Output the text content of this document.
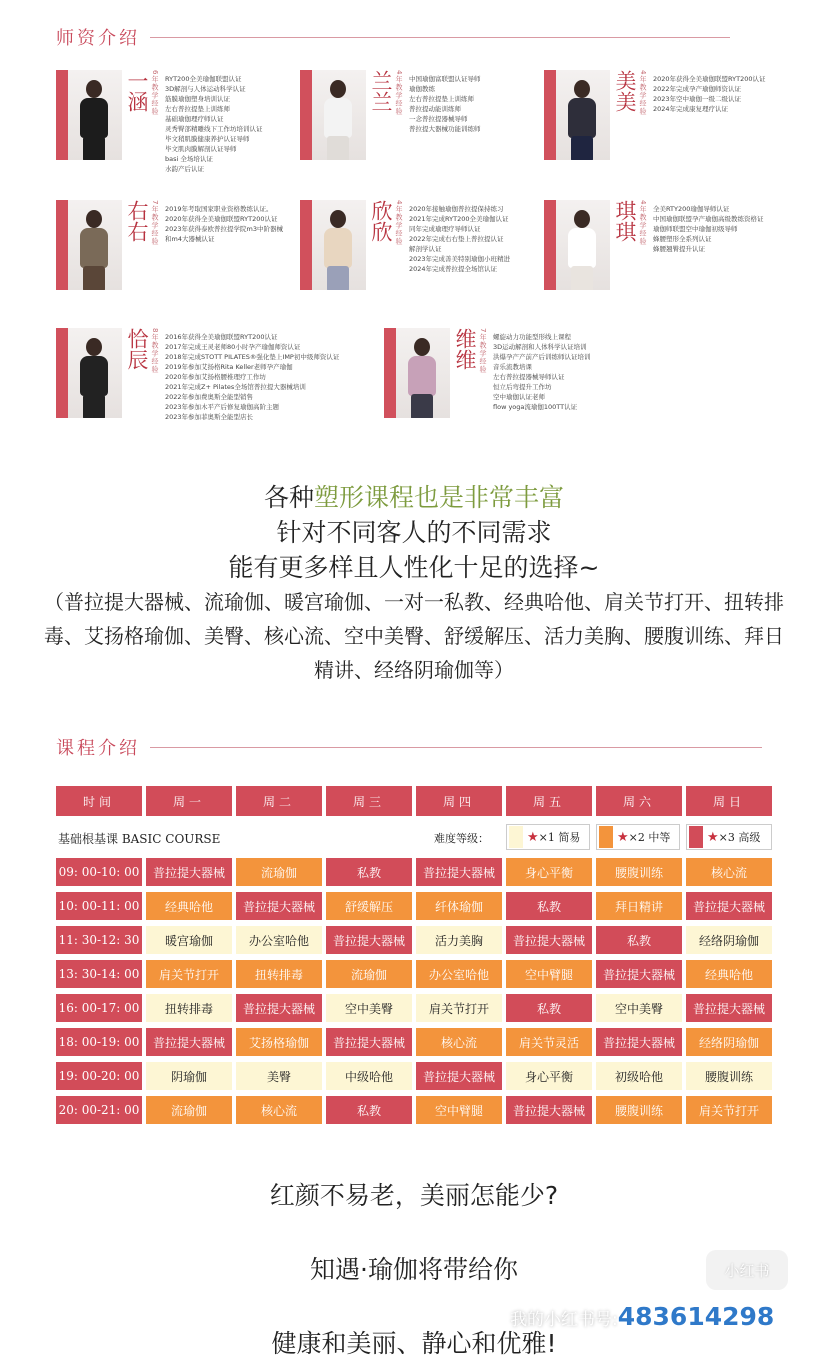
师资介绍
一涵 6年教学经验 RYT200全美瑜伽联盟认证
3D解剖与人体运动科学认证
筋膜瑜伽塑身培训认证
左右普拉提垫上训练师
基础瑜伽理疗师认证
灵秀臀部精雕线下工作坊培训认证
毕文稍肌膜健康养护认证导师
毕文肌肉膜解剖认证导师
basi 全场培认证
水韵产后认证
兰兰 4年教学经验 中国瑜伽富联盟认证导师
瑜伽教练
左右普拉提垫上训练师
普拉提动能训练师
一念普拉提器械导师
普拉提大器械功能训练师
美美 4年教学经验 2020年获得全美瑜伽联盟RYT200认证
2022年完成孕产瑜伽师资认证
2023年空中瑜伽一级二级认证
2024年完成康复理疗认证
右右 7年教学经验 2019年考取国家职业资格教练认证。
2020年获得全美瑜伽联盟RYT200认证
2023年获得泰欧普拉提学院m3中阶器械
和m4大器械认证	欣欣 4年教学经验 2020年接触瑜伽普拉提保持练习
2021年完成RYT200全美瑜伽认证
同年完成瑜理疗导师认证
2022年完成右右垫上普拉提认证
解剖学认证
2023年完成善美特别瑜伽小班精进
2024年完成普拉提全场馆认证
琪琪 4年教学经验 全美RTY200瑜伽导师认证
中国瑜伽联盟孕产瑜伽高级教练资格证
瑜伽师联盟空中瑜伽初级导师
蜂腰塑形全系列认证
蜂腰翘臀提升认证
恰辰 8年教学经验 2016年获得全美瑜伽联盟RYT200认证
2017年完成王灵老师80小时孕产瑜伽师资认证
2018年完成STOTT PILATES®强化垫上IMP初中级师资认证
2019年参加艾扬格Rita Keller老师孕产瑜伽
2020年参加艾扬格腰椎理疗工作坊
2021年完成Z+ Pilates全场馆普拉提大器械培训
2022年参加费奥斯全能型销售
2023年参加木平产后修复瑜伽高阶主题
2023年参加菲奥斯全能型店长
维维 7年教学经验 螺旋动力功能型形线上课程
3D运动解剖和人体科学认证培训
洪爆孕产产前产后训练师认证培训
音乐流教培课
左右普拉提器械导师认证
恒立后弯提升工作坊
空中瑜伽认证老师
flow yoga流瑜伽100TT认证
各种塑形课程也是非常丰富
针对不同客人的不同需求
能有更多样且人性化十足的选择~
（普拉提大器械、流瑜伽、暖宫瑜伽、一对一私教、经典哈他、肩关节打开、扭转排毒、艾扬格瑜伽、美臀、核心流、空中美臀、舒缓解压、活力美胸、腰腹训练、拜日精讲、经络阴瑜伽等）
课程介绍
时间	周一	周二	周三	周四	周五	周六	周日
09: 00-10: 00	普拉提大器械	流瑜伽	私教	普拉提大器械	身心平衡	腰腹训练	核心流
10: 00-11: 00	经典哈他	普拉提大器械	舒缓解压	纤体瑜伽	私教	拜日精讲	普拉提大器械
11: 30-12: 30	暖宫瑜伽	办公室哈他	普拉提大器械	活力美胸	普拉提大器械	私教	经络阴瑜伽
13: 30-14: 00	肩关节打开	扭转排毒	流瑜伽	办公室哈他	空中臂腿	普拉提大器械	经典哈他
16: 00-17: 00	扭转排毒	普拉提大器械	空中美臀	肩关节打开	私教	空中美臀	普拉提大器械
18: 00-19: 00	普拉提大器械	艾扬格瑜伽	普拉提大器械	核心流	肩关节灵活	普拉提大器械	经络阴瑜伽
19: 00-20: 00	阴瑜伽	美臀	中级哈他	普拉提大器械	身心平衡	初级哈他	腰腹训练
20: 00-21: 00	流瑜伽	核心流	私教	空中臂腿	普拉提大器械	腰腹训练	肩关节打开
基础根基课 BASIC COURSE	难度等级：	★ ×1 简易	★ ×2 中等	★ ×3 高级
红颜不易老，美丽怎能少?
知遇·瑜伽将带给你
健康和美丽、静心和优雅!
小红书
我的小红书号:483614298
